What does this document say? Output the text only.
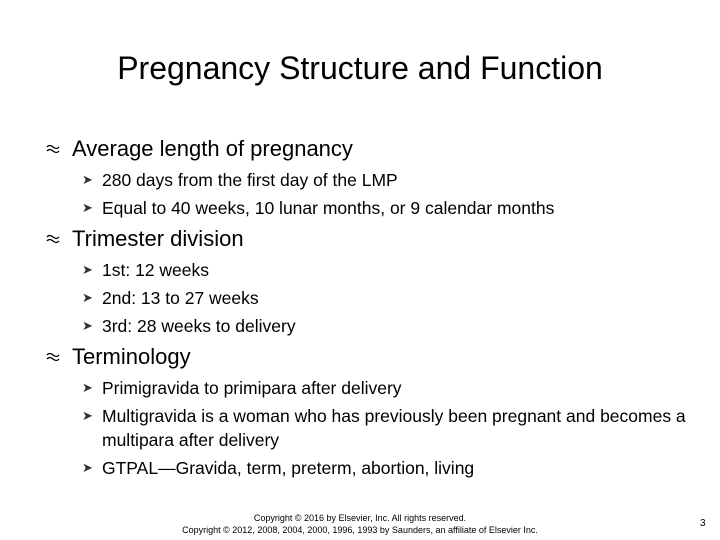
Pregnancy Structure and Function
Average length of pregnancy
➤ 280 days from the first day of the LMP
➤ Equal to 40 weeks, 10 lunar months, or 9 calendar months
Trimester division
➤ 1st: 12 weeks
➤ 2nd: 13 to 27 weeks
➤ 3rd: 28 weeks to delivery
Terminology
➤ Primigravida to primipara after delivery
➤ Multigravida is a woman who has previously been pregnant and becomes a multipara after delivery
➤ GTPAL—Gravida, term, preterm, abortion, living
Copyright © 2016 by Elsevier, Inc. All rights reserved.
Copyright © 2012, 2008, 2004, 2000, 1996, 1993 by Saunders, an affiliate of Elsevier Inc.
3
